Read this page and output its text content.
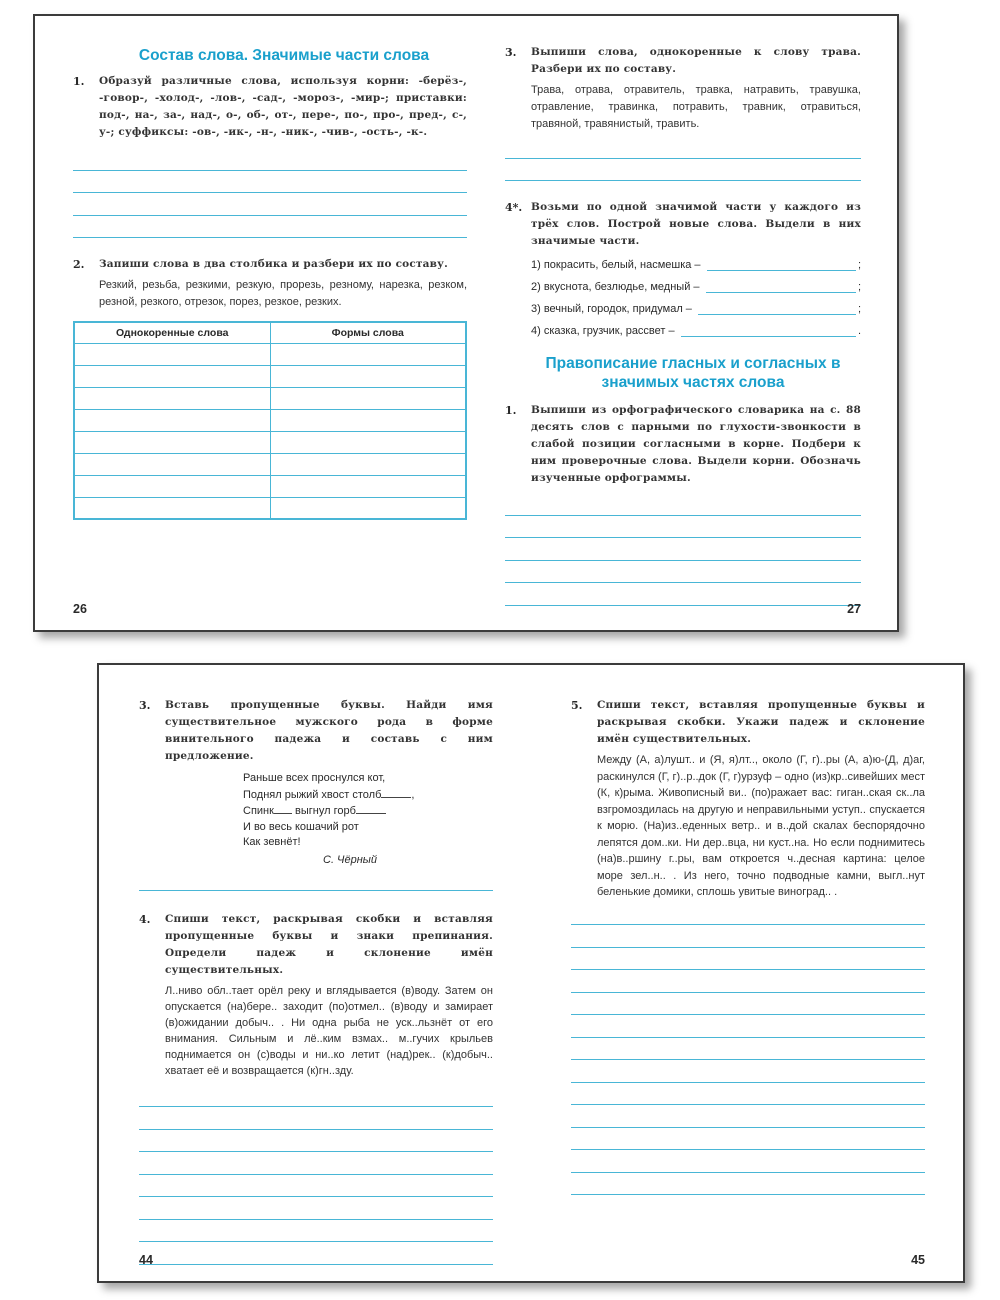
Состав слова. Значимые части слова
1. Образуй различные слова, используя корни: -берёз-, -говор-, -холод-, -лов-, -сад-, -мороз-, -мир-; приставки: под-, на-, за-, над-, о-, об-, от-, пере-, по-, про-, пред-, с-, у-; суффиксы: -ов-, -ик-, -н-, -ник-, -чив-, -ость-, -к-.
2. Запиши слова в два столбика и разбери их по составу.
Резкий, резьба, резкими, резкую, прорезь, резному, нарезка, резком, резной, резкого, отрезок, порез, резкое, резких.
Однокоренные слова	Формы слова

26
3. Выпиши слова, однокоренные к слову трава. Разбери их по составу.
Трава, отрава, отравитель, травка, натравить, травушка, отравление, травинка, потравить, травник, отравиться, травяной, травянистый, травить.
4*. Возьми по одной значимой части у каждого из трёх слов. Построй новые слова. Выдели в них значимые части.
1) покрасить, белый, насмешка –	;
2) вкуснота, безлюдье, медный –	;
3) вечный, городок, придумал –	;
4) сказка, грузчик, рассвет –	.
Правописание гласных и согласных в значимых частях слова
1. Выпиши из орфографического словарика на с. 88 десять слов с парными по глухости-звонкости в слабой позиции согласными в корне. Подбери к ним проверочные слова. Выдели корни. Обозначь изученные орфограммы.
27
3. Вставь пропущенные буквы. Найди имя существительное мужского рода в форме винительного падежа и составь с ним предложение.
Раньше всех проснулся кот,
Поднял рыжий хвост столб	,
Спинк выгнул горб
И во весь кошачий рот
Как зевнёт!
С. Чёрный
4. Спиши текст, раскрывая скобки и вставляя пропущенные буквы и знаки препинания. Определи падеж и склонение имён существительных.
Л..ниво обл..тает орёл реку и вглядывается (в)воду. Затем он опускается (на)бере.. заходит (по)отмел.. (в)воду и замирает (в)ожидании добыч.. . Ни одна рыба не уск..льзнёт от его внимания. Сильным и лё..ким взмах.. м..гучих крыльев поднимается он (с)воды и ни..ко летит (над)рек.. (к)добыч.. хватает её и возвращается (к)гн..зду.
44
5. Спиши текст, вставляя пропущенные буквы и раскрывая скобки. Укажи падеж и склонение имён существительных.
Между (А, а)лушт.. и (Я, я)лт.., около (Г, г)..ры (А, а)ю-(Д, д)аг, раскинулся (Г, г)..р..док (Г, г)урзуф – одно (из)кр..сивейших мест (К, к)рыма. Живописный ви.. (по)ражает вас: гиган..ская ск..ла взгромоздилась на другую и неправильными уступ.. спускается к морю. (На)из..еденных ветр.. и в..дой скалах беспорядочно лепятся дом..ки. Ни дер..вца, ни куст..на. Но если поднимитесь (на)в..ршину г..ры, вам откроется ч..десная картина: целое море зел..н.. . Из него, точно подводные камни, выгл..нут беленькие домики, сплошь увитые виноград.. .
45
